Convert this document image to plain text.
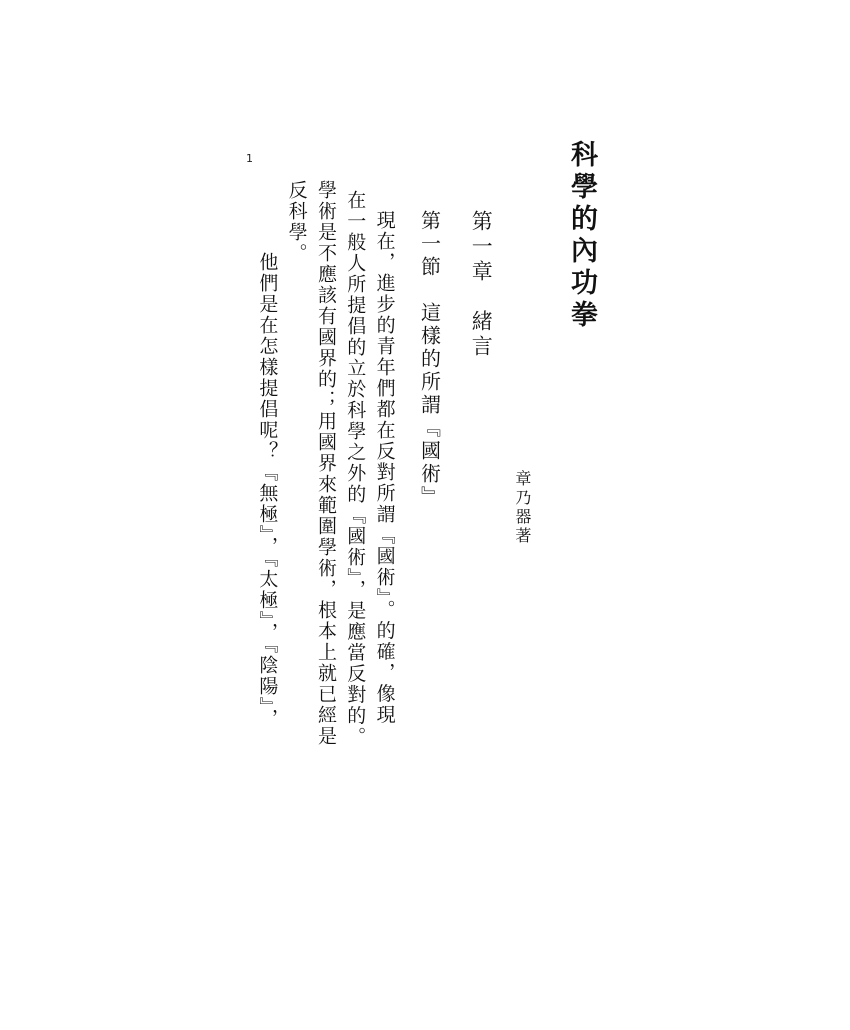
1	科學的內功拳
章乃器著
第一章　緒言
第一節　這樣的所謂『國術』
現在，進步的青年們都在反對所謂『國術』。的確，像現
在一般人所提倡的立於科學之外的『國術』，是應當反對的。
學術是不應該有國界的；用國界來範圍學術，根本上就已經是
反科學。
　　他們是在怎樣提倡呢？『無極』，『太極』，『陰陽』，
